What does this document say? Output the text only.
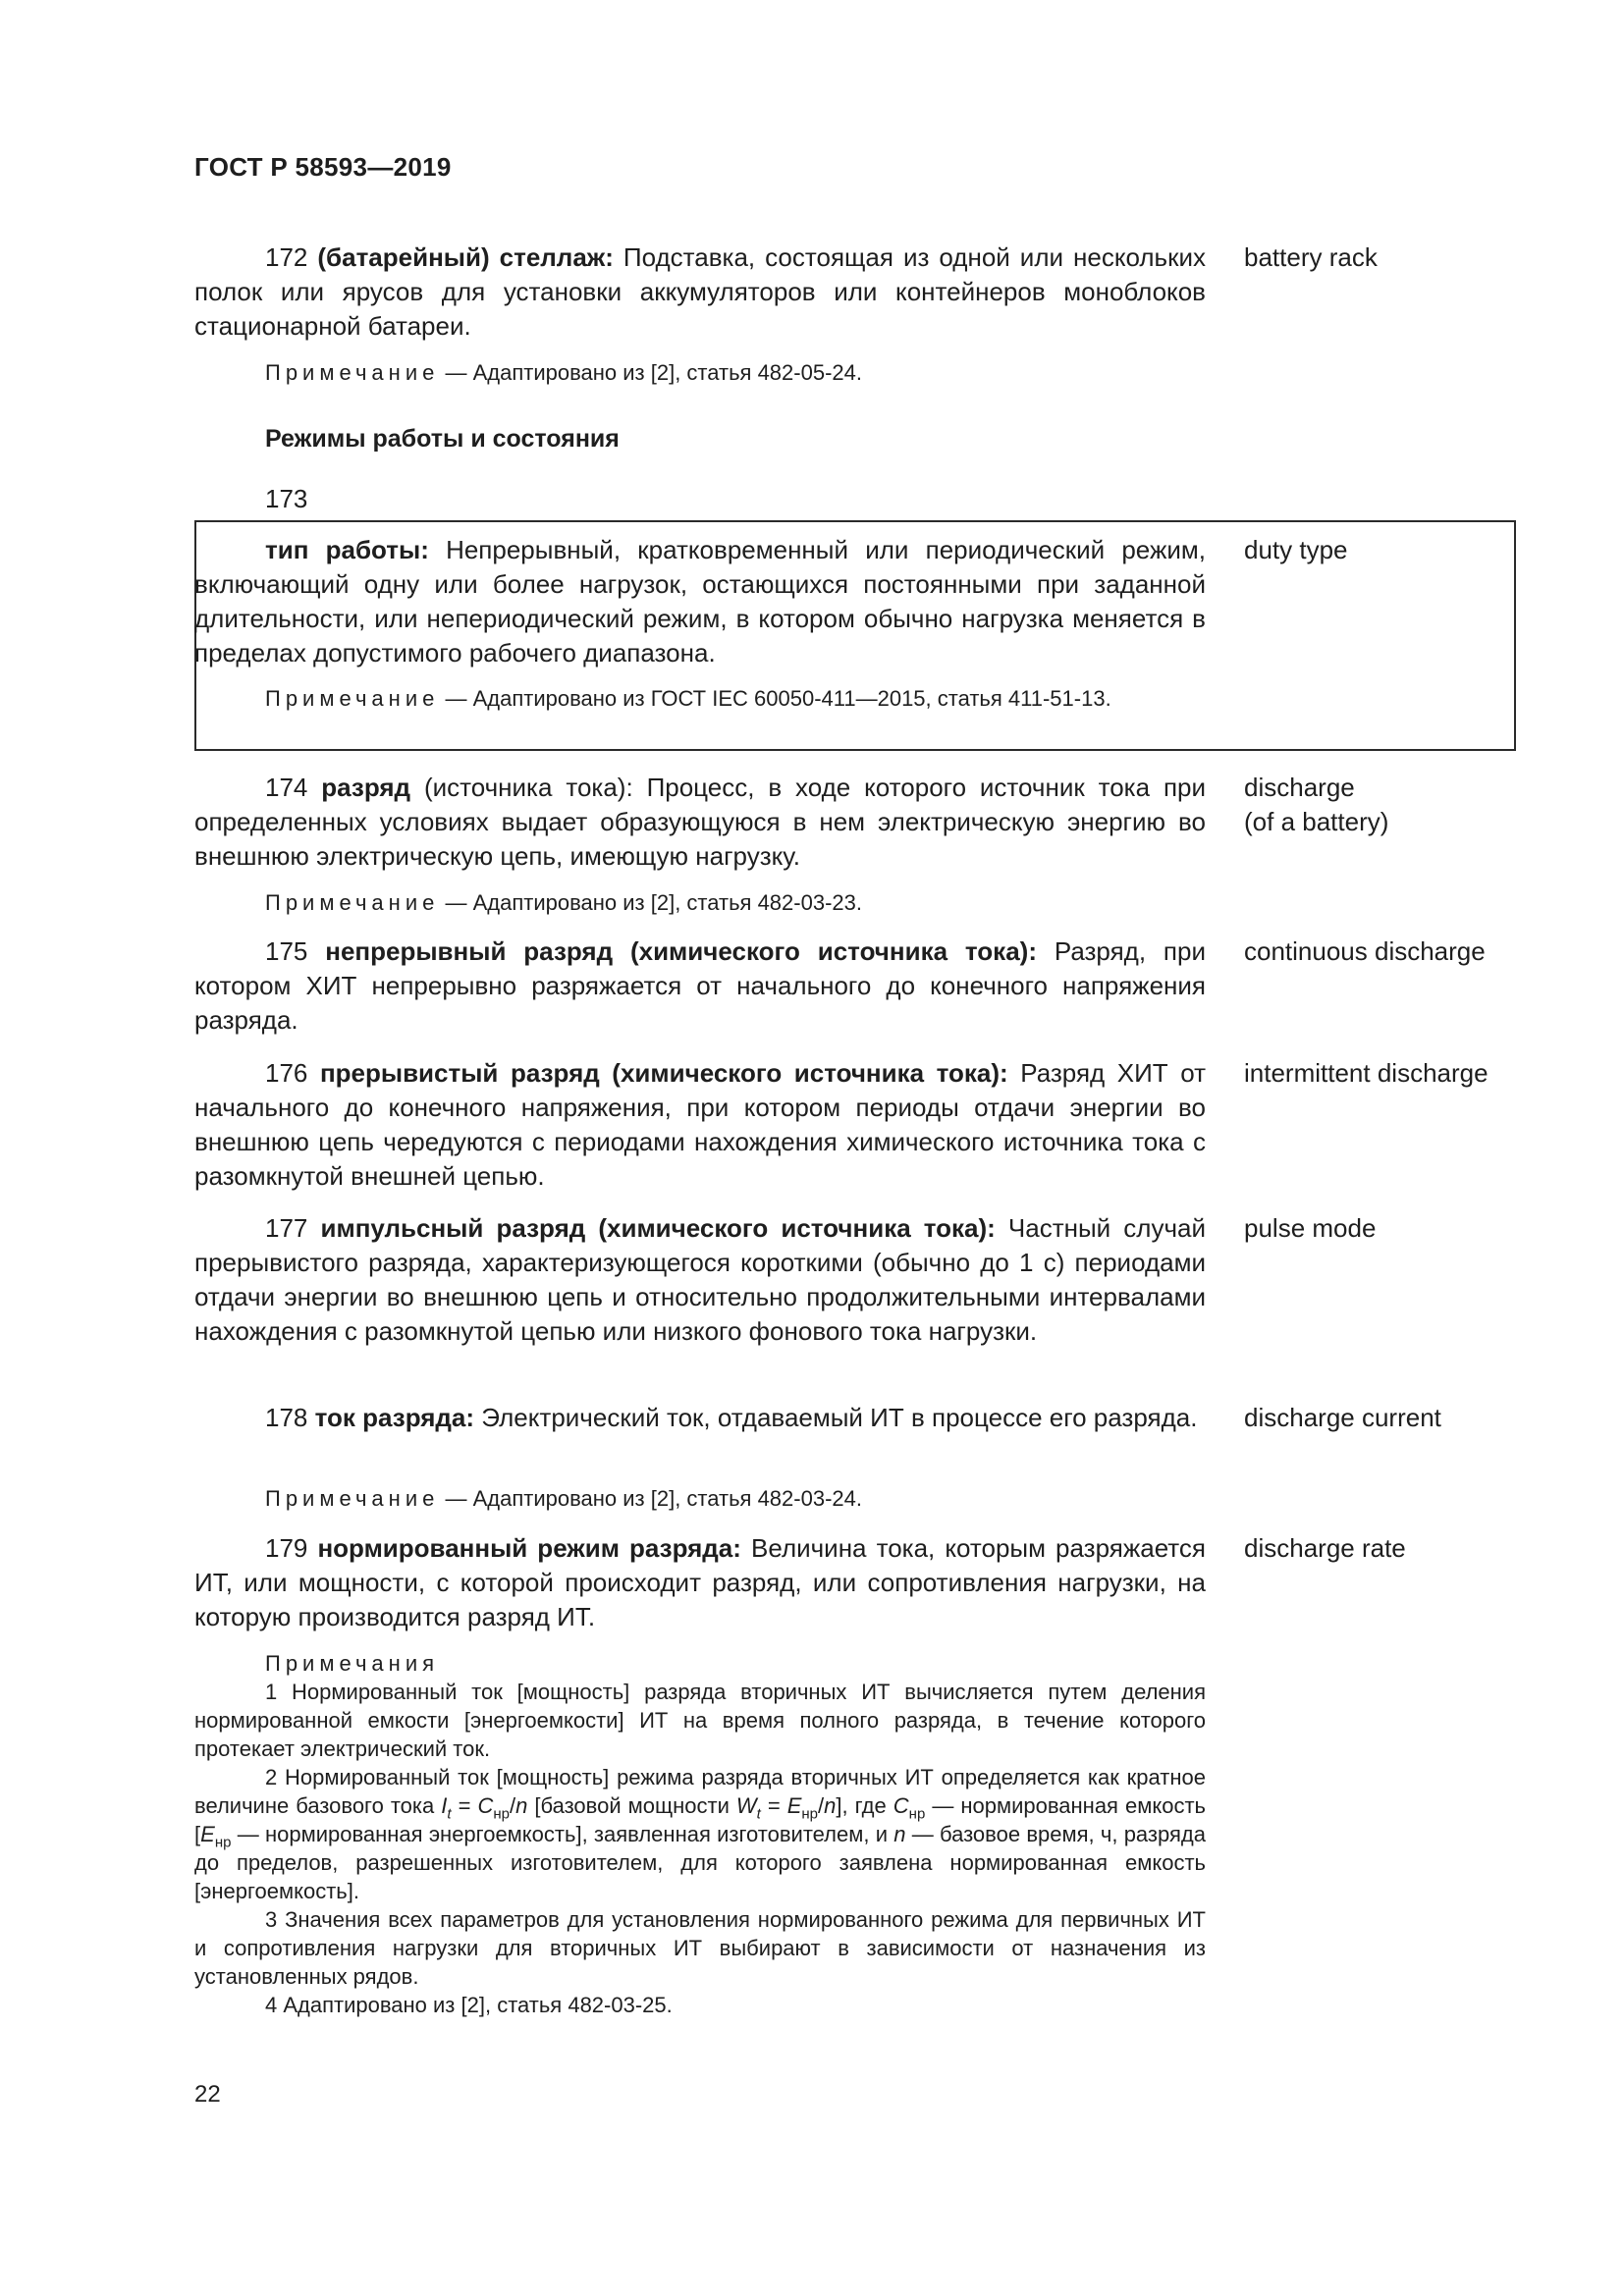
ГОСТ Р 58593—2019
172 (батарейный) стеллаж: Подставка, состоящая из одной или нескольких полок или ярусов для установки аккумуляторов или контейнеров моноблоков стационарной батареи.
battery rack
Примечание — Адаптировано из [2], статья 482-05-24.
Режимы работы и состояния
173
тип работы: Непрерывный, кратковременный или периодический режим, включающий одну или более нагрузок, остающихся постоянными при заданной длительности, или непериодический режим, в котором обычно нагрузка меняется в пределах допустимого рабочего диапазона.
duty type
Примечание — Адаптировано из ГОСТ IEC 60050-411—2015, статья 411-51-13.
174 разряд (источника тока): Процесс, в ходе которого источник тока при определенных условиях выдает образующуюся в нем электрическую энергию во внешнюю электрическую цепь, имеющую нагрузку.
discharge
(of a battery)
Примечание — Адаптировано из [2], статья 482-03-23.
175 непрерывный разряд (химического источника тока): Разряд, при котором ХИТ непрерывно разряжается от начального до конечного напряжения разряда.
continuous discharge
176 прерывистый разряд (химического источника тока): Разряд ХИТ от начального до конечного напряжения, при котором периоды отдачи энергии во внешнюю цепь чередуются с периодами нахождения химического источника тока с разомкнутой внешней цепью.
intermittent discharge
177 импульсный разряд (химического источника тока): Частный случай прерывистого разряда, характеризующегося короткими (обычно до 1 с) периодами отдачи энергии во внешнюю цепь и относительно продолжительными интервалами нахождения с разомкнутой цепью или низкого фонового тока нагрузки.
pulse mode
178 ток разряда: Электрический ток, отдаваемый ИТ в процессе его разряда.	discharge current
Примечание — Адаптировано из [2], статья 482-03-24.
179 нормированный режим разряда: Величина тока, которым разряжается ИТ, или мощности, с которой происходит разряд, или сопротивления нагрузки, на которую производится разряд ИТ.
discharge rate

Примечания

1 Нормированный ток [мощность] разряда вторичных ИТ вычисляется путем деления нормированной емкости [энергоемкости] ИТ на время полного разряда, в течение которого протекает электрический ток.

2 Нормированный ток [мощность] режима разряда вторичных ИТ определяется как кратное величине базового тока $I_t = C_{нр}/n$ [базовой мощности $W_t = E_{нр}/n$], где $C_{нр}$ — нормированная емкость [$E_{нр}$ — нормированная энергоемкость], заявленная изготовителем, и n — базовое время, ч, разряда до пределов, разрешенных изготовителем, для которого заявлена нормированная емкость [энергоемкость].

3 Значения всех параметров для установления нормированного режима для первичных ИТ и сопротивления нагрузки для вторичных ИТ выбирают в зависимости от назначения из установленных рядов.

4 Адаптировано из [2], статья 482-03-25.

22
